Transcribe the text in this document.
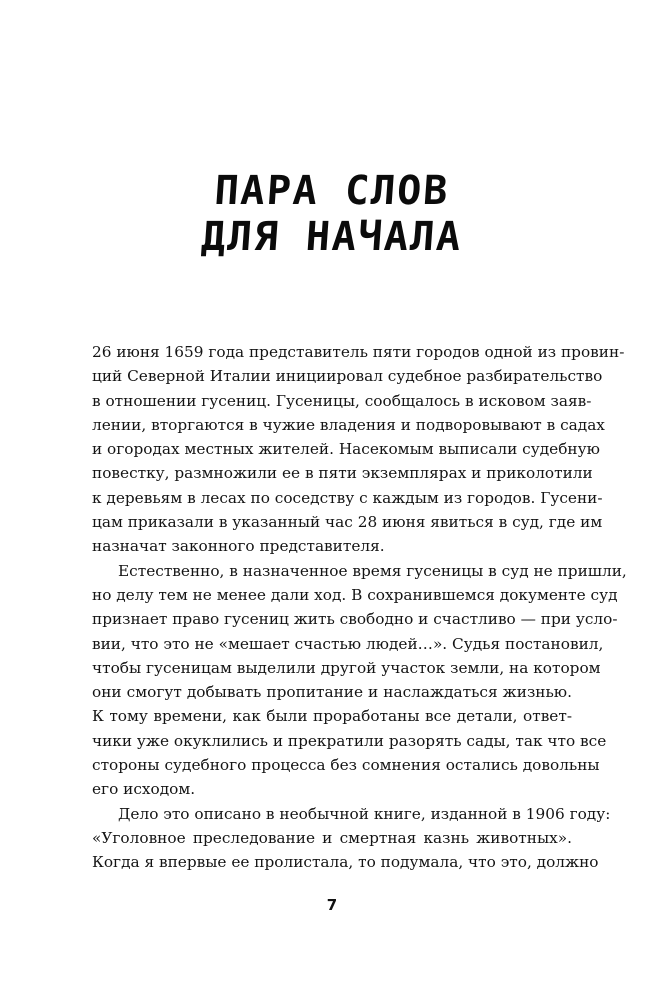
ПАРА СЛОВ
ДЛЯ НАЧАЛА
26 июня 1659 года представитель пяти городов одной из провин-
ций Северной Италии инициировал судебное разбирательство
в отношении гусениц. Гусеницы, сообщалось в исковом заяв-
лении, вторгаются в чужие владения и подворовывают в садах
и огородах местных жителей. Насекомым выписали судебную
повестку, размножили ее в пяти экземплярах и приколотили
к деревьям в лесах по соседству с каждым из городов. Гусени-
цам приказали в указанный час 28 июня явиться в суд, где им
назначат законного представителя.
Естественно, в назначенное время гусеницы в суд не пришли,
но делу тем не менее дали ход. В сохранившемся документе суд
признает право гусениц жить свободно и счастливо — при усло-
вии, что это не «мешает счастью людей…». Судья постановил,
чтобы гусеницам выделили другой участок земли, на котором
они смогут добывать пропитание и наслаждаться жизнью.
К тому времени, как были проработаны все детали, ответ-
чики уже окуклились и прекратили разорять сады, так что все
стороны судебного процесса без сомнения остались довольны
его исходом.
Дело это описано в необычной книге, изданной в 1906 году:
«Уголовное преследование и смертная казнь животных».
Когда я впервые ее пролистала, то подумала, что это, должно
7
